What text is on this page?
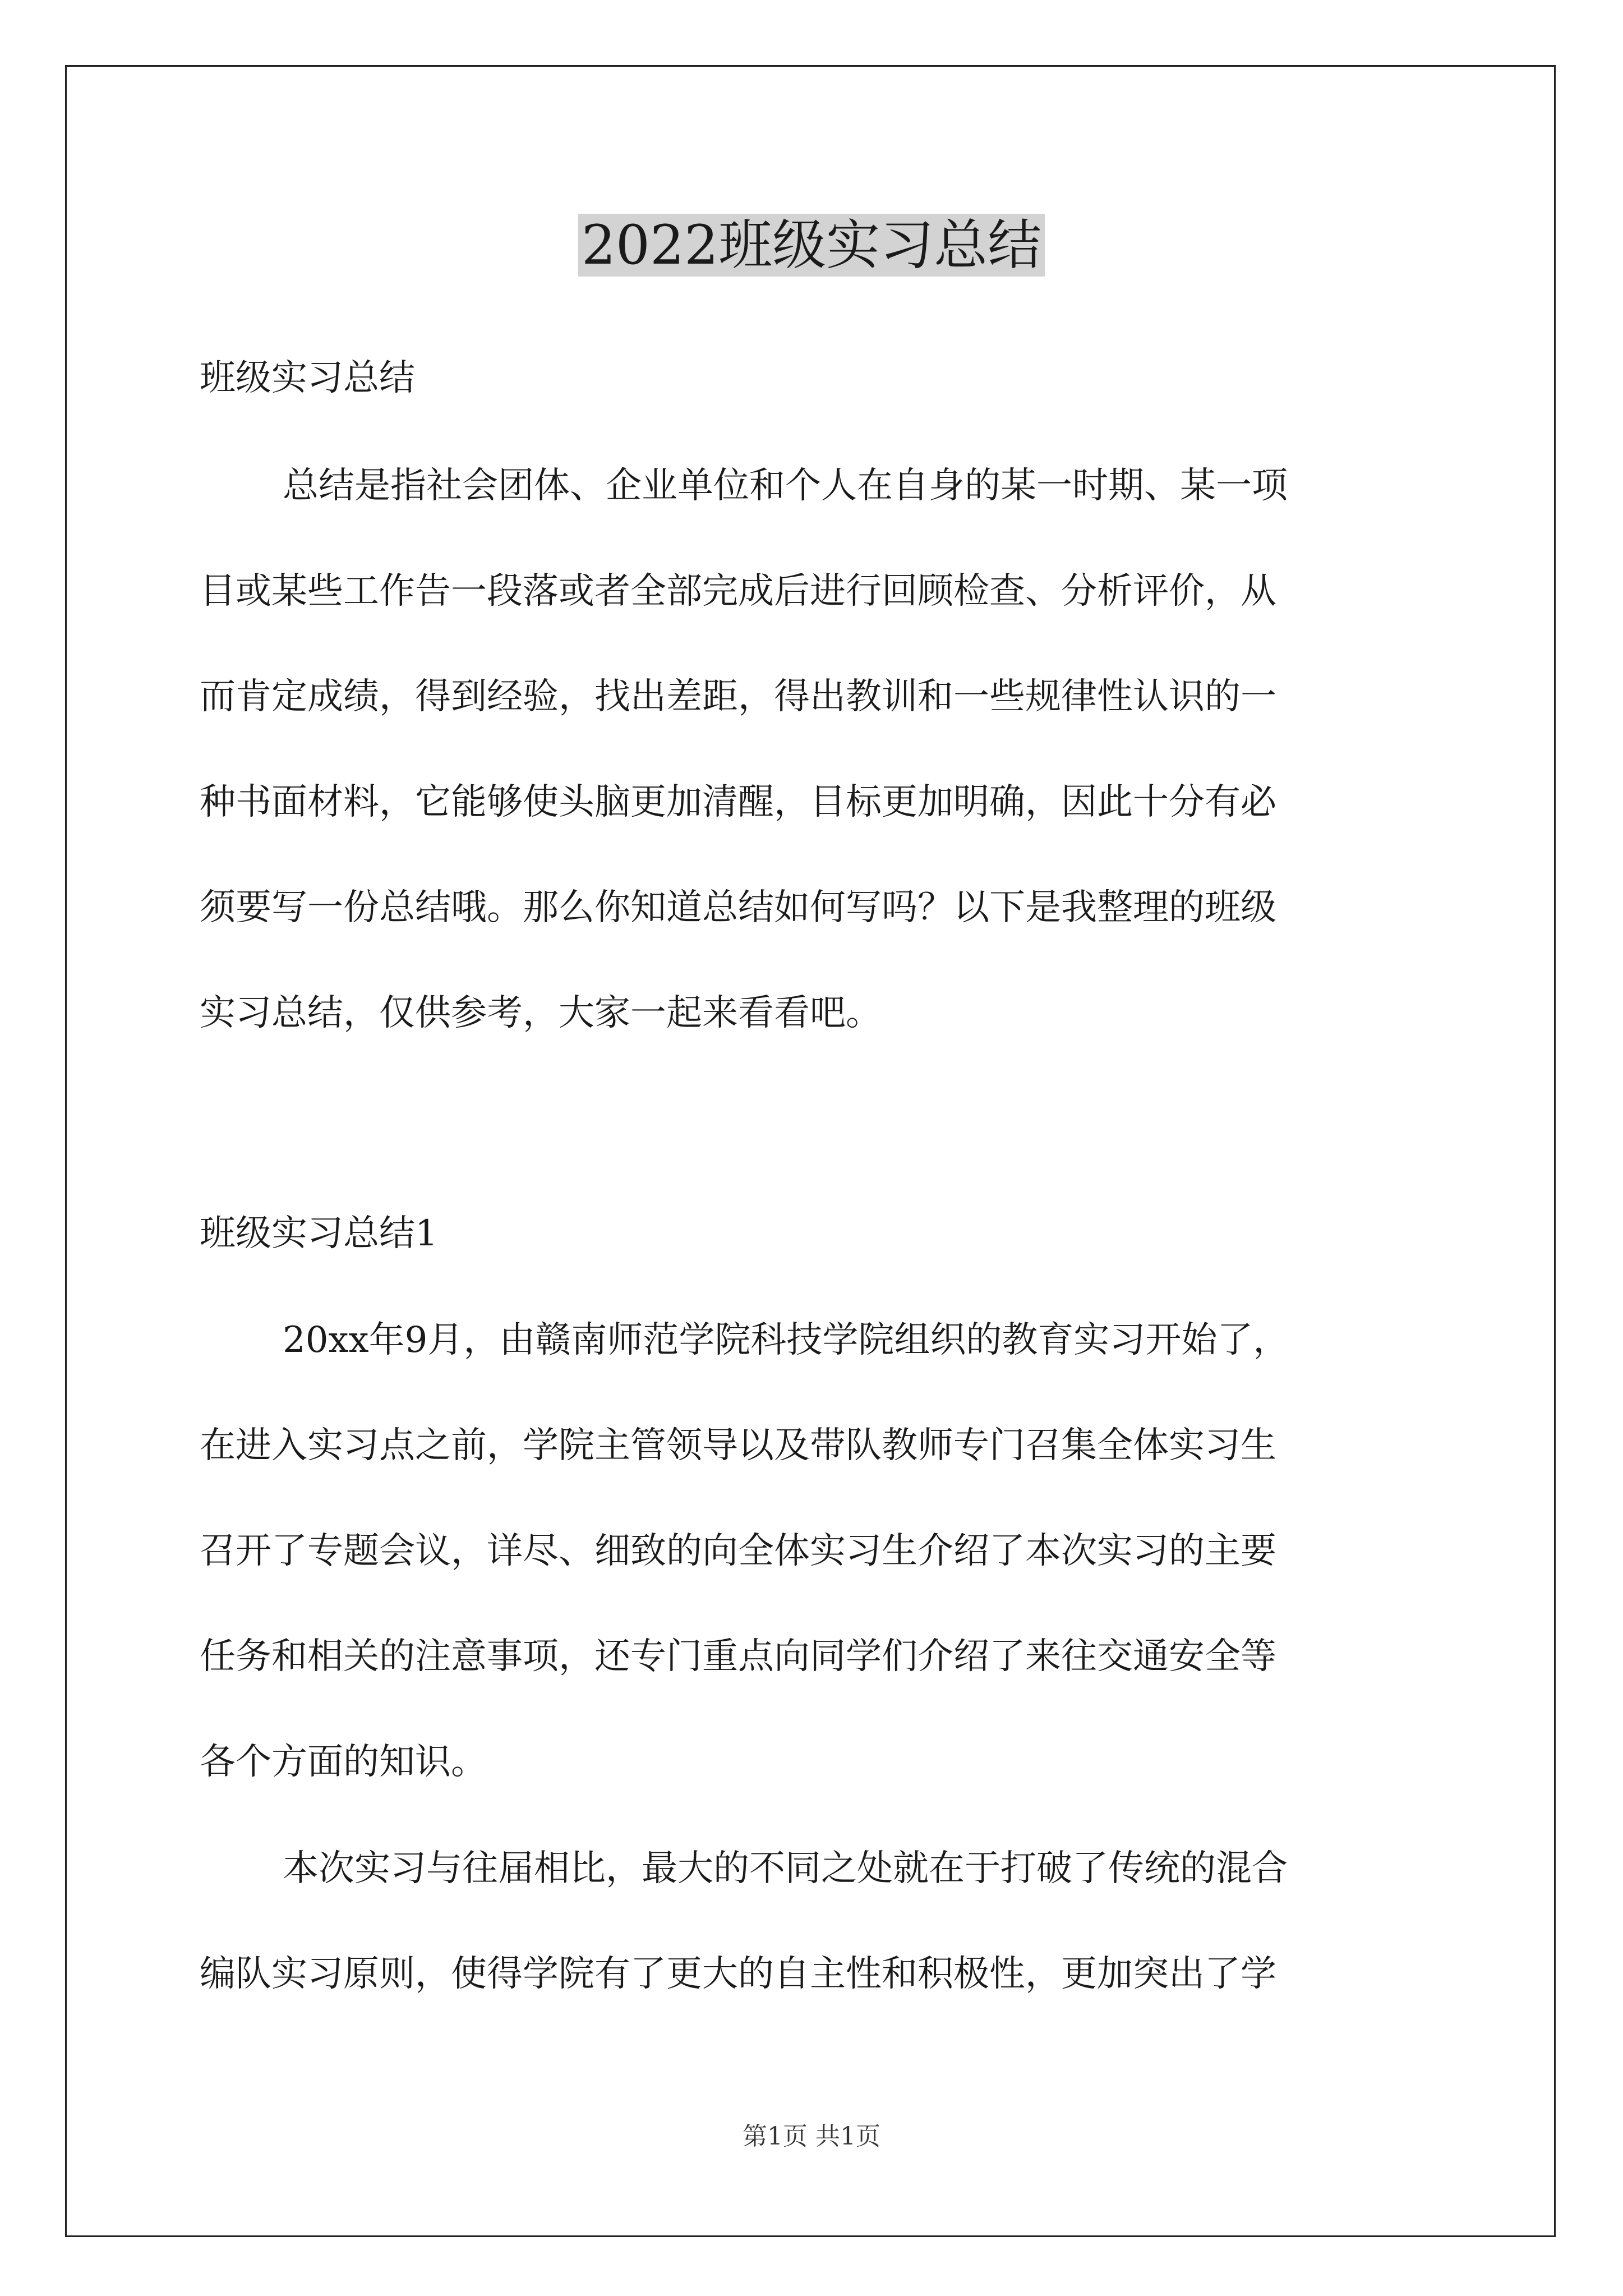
2022班级实习总结

班级实习总结

总结是指社会团体、企业单位和个人在自身的某一时期、某一项

目或某些工作告一段落或者全部完成后进行回顾检查、分析评价，从

而肯定成绩，得到经验，找出差距，得出教训和一些规律性认识的一

种书面材料，它能够使头脑更加清醒，目标更加明确，因此十分有必

须要写一份总结哦。那么你知道总结如何写吗？以下是我整理的班级

实习总结，仅供参考，大家一起来看看吧。

班级实习总结1

20xx年9月，由赣南师范学院科技学院组织的教育实习开始了，

在进入实习点之前，学院主管领导以及带队教师专门召集全体实习生

召开了专题会议，详尽、细致的向全体实习生介绍了本次实习的主要

任务和相关的注意事项，还专门重点向同学们介绍了来往交通安全等

各个方面的知识。

本次实习与往届相比，最大的不同之处就在于打破了传统的混合

编队实习原则，使得学院有了更大的自主性和积极性，更加突出了学

第1页 共1页
